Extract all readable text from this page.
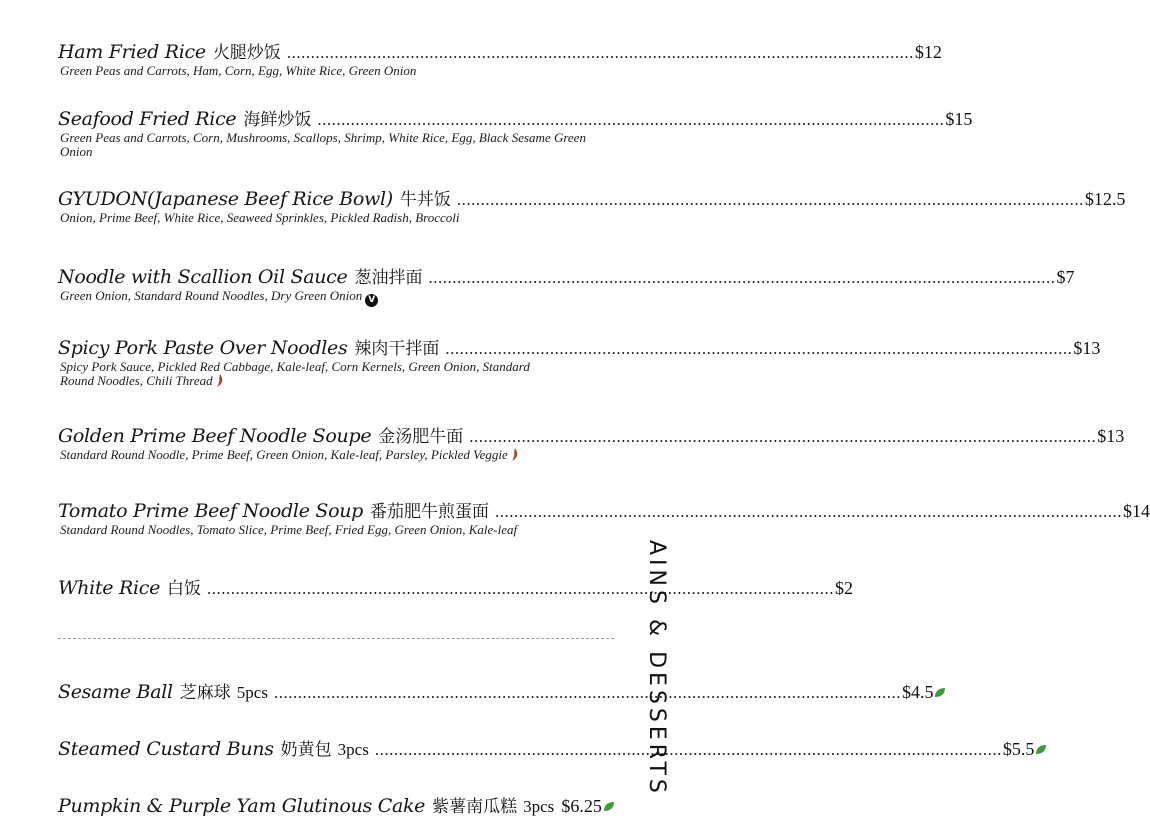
Ham Fried Rice 火腿炒饭 .................................................................................................................................... $12
Green Peas and Carrots, Ham, Corn, Egg, White Rice, Green Onion
Seafood Fried Rice 海鲜炒饭 .................................................................................................................................... $15
Green Peas and Carrots, Corn, Mushrooms, Scallops, Shrimp, White Rice, Egg, Black Sesame Green Onion
GYUDON(Japanese Beef Rice Bowl) 牛丼饭 .................................................................................................................................... $12.5
Onion, Prime Beef, White Rice, Seaweed Sprinkles, Pickled Radish, Broccoli
Noodle with Scallion Oil Sauce 葱油拌面 .................................................................................................................................... $7
Green Onion, Standard Round Noodles, Dry Green Onion V
Spicy Pork Paste Over Noodles 辣肉干拌面 .................................................................................................................................... $13
Spicy Pork Sauce, Pickled Red Cabbage, Kale-leaf, Corn Kernels, Green Onion, Standard Round Noodles, Chili Thread
Golden Prime Beef Noodle Soupe 金汤肥牛面 .................................................................................................................................... $13
Standard Round Noodle, Prime Beef, Green Onion, Kale-leaf, Parsley, Pickled Veggie
Tomato Prime Beef Noodle Soup 番茄肥牛煎蛋面 .................................................................................................................................... $14
Standard Round Noodles, Tomato Slice, Prime Beef, Fried Egg, Green Onion, Kale-leaf
White Rice 白饭 .................................................................................................................................... $2
Sesame Ball 芝麻球 5pcs .................................................................................................................................... $4.5
Steamed Custard Buns 奶黄包 3pcs .................................................................................................................................... $5.5
Pumpkin & Purple Yam Glutinous Cake 紫薯南瓜糕 3pcs $6.25
AINS & DESSERTS
